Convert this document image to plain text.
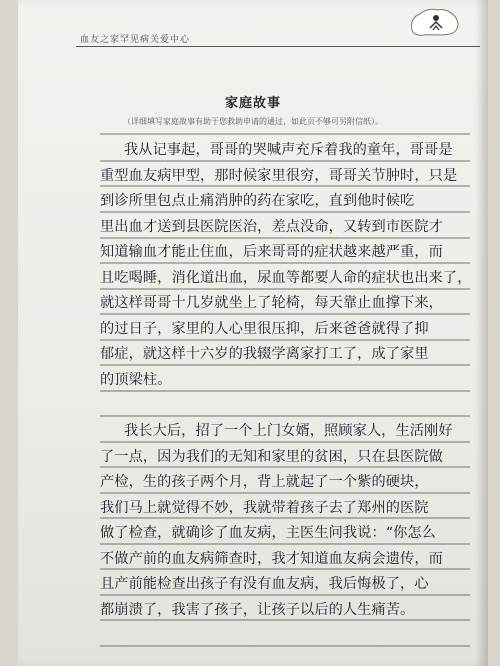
血友之家罕见病关爱中心
家庭故事
（详细填写家庭故事有助于您救助申请的通过，如此页不够可另附信纸）。
我从记事起，哥哥的哭喊声充斥着我的童年，哥哥是
重型血友病甲型，那时候家里很穷，哥哥关节肿时，只是
到诊所里包点止痛消肿的药在家吃，直到他时候吃
里出血才送到县医院医治，差点没命，又转到市医院才
知道输血才能止住血，后来哥哥的症状越来越严重，而
且吃喝睡，消化道出血，尿血等都要人命的症状也出来了，
就这样哥哥十几岁就坐上了轮椅，每天靠止血撑下来，
的过日子，家里的人心里很压抑，后来爸爸就得了抑
郁症，就这样十六岁的我辍学离家打工了，成了家里
的顶梁柱。
我长大后，招了一个上门女婿，照顾家人，生活刚好
了一点，因为我们的无知和家里的贫困，只在县医院做
产检，生的孩子两个月，背上就起了一个紫的硬块，
我们马上就觉得不妙，我就带着孩子去了郑州的医院
做了检查，就确诊了血友病，主医生问我说：“你怎么
不做产前的血友病筛查时，我才知道血友病会遗传，而
且产前能检查出孩子有没有血友病，我后悔极了，心
都崩溃了，我害了孩子，让孩子以后的人生痛苦。
